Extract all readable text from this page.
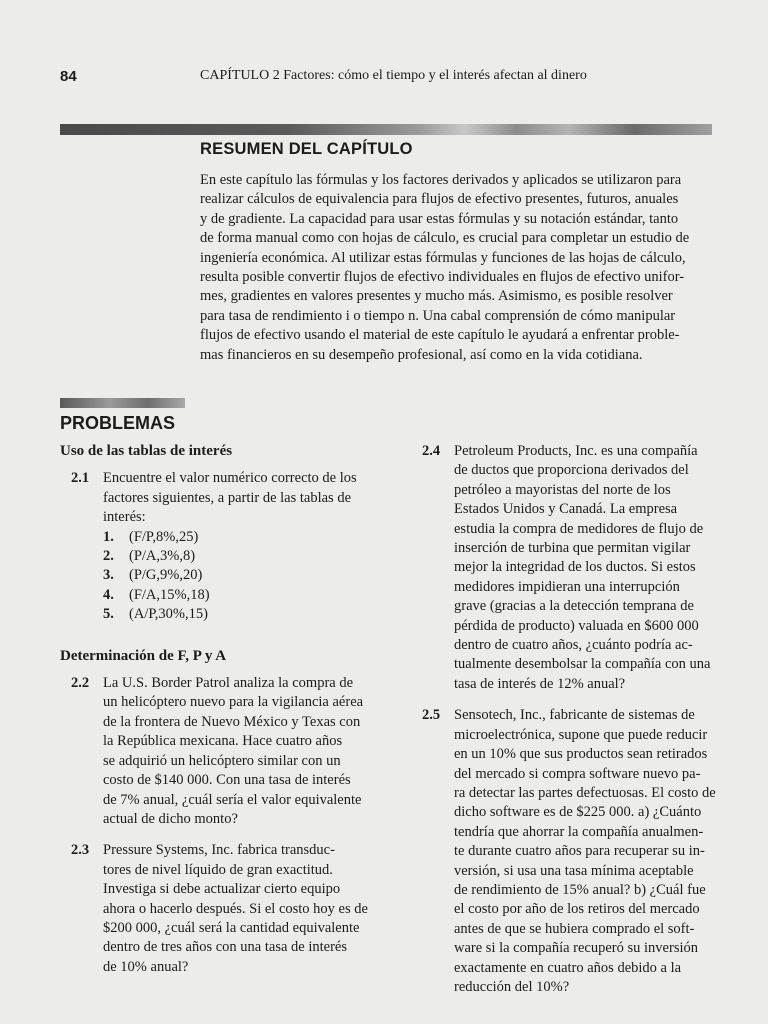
84	CAPÍTULO 2 Factores: cómo el tiempo y el interés afectan al dinero
RESUMEN DEL CAPÍTULO
En este capítulo las fórmulas y los factores derivados y aplicados se utilizaron para
realizar cálculos de equivalencia para flujos de efectivo presentes, futuros, anuales
y de gradiente. La capacidad para usar estas fórmulas y su notación estándar, tanto
de forma manual como con hojas de cálculo, es crucial para completar un estudio de
ingeniería económica. Al utilizar estas fórmulas y funciones de las hojas de cálculo,
resulta posible convertir flujos de efectivo individuales en flujos de efectivo unifor-
mes, gradientes en valores presentes y mucho más. Asimismo, es posible resolver
para tasa de rendimiento i o tiempo n. Una cabal comprensión de cómo manipular
flujos de efectivo usando el material de este capítulo le ayudará a enfrentar proble-
mas financieros en su desempeño profesional, así como en la vida cotidiana.
PROBLEMAS
Uso de las tablas de interés
2.1 Encuentre el valor numérico correcto de los
factores siguientes, a partir de las tablas de
interés:
1.	(F/P,8%,25)
2.	(P/A,3%,8)
3.	(P/G,9%,20)
4.	(F/A,15%,18)
5.	(A/P,30%,15)
Determinación de F, P y A
2.2 La U.S. Border Patrol analiza la compra de
un helicóptero nuevo para la vigilancia aérea
de la frontera de Nuevo México y Texas con
la República mexicana. Hace cuatro años
se adquirió un helicóptero similar con un
costo de $140 000. Con una tasa de interés
de 7% anual, ¿cuál sería el valor equivalente
actual de dicho monto?
2.3 Pressure Systems, Inc. fabrica transduc-
tores de nivel líquido de gran exactitud.
Investiga si debe actualizar cierto equipo
ahora o hacerlo después. Si el costo hoy es de
$200 000, ¿cuál será la cantidad equivalente
dentro de tres años con una tasa de interés
de 10% anual?
2.4 Petroleum Products, Inc. es una compañía
de ductos que proporciona derivados del
petróleo a mayoristas del norte de los
Estados Unidos y Canadá. La empresa
estudia la compra de medidores de flujo de
inserción de turbina que permitan vigilar
mejor la integridad de los ductos. Si estos
medidores impidieran una interrupción
grave (gracias a la detección temprana de
pérdida de producto) valuada en $600 000
dentro de cuatro años, ¿cuánto podría ac-
tualmente desembolsar la compañía con una
tasa de interés de 12% anual?
2.5 Sensotech, Inc., fabricante de sistemas de
microelectrónica, supone que puede reducir
en un 10% que sus productos sean retirados
del mercado si compra software nuevo pa-
ra detectar las partes defectuosas. El costo de
dicho software es de $225 000. a) ¿Cuánto
tendría que ahorrar la compañía anualmen-
te durante cuatro años para recuperar su in-
versión, si usa una tasa mínima aceptable
de rendimiento de 15% anual? b) ¿Cuál fue
el costo por año de los retiros del mercado
antes de que se hubiera comprado el soft-
ware si la compañía recuperó su inversión
exactamente en cuatro años debido a la
reducción del 10%?
